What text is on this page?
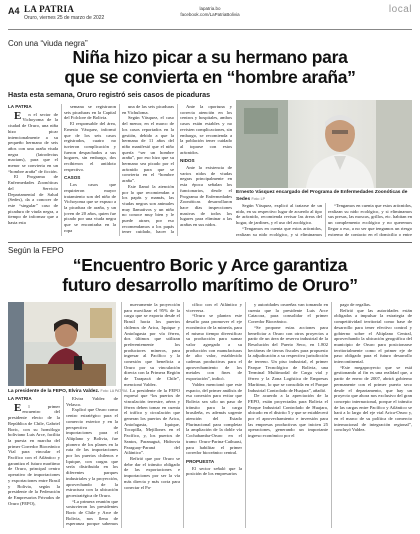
A4 LA PATRIA
Oruro, viernes 25 de marzo de 2022
lapatria.bo
facebook.com/LaPatriaBolivia	local
Con una “viuda negra”
Niña hizo picar a su hermano para
que se convierta en “hombre araña”
Hasta esta semana, Oruro registró seis casos de picaduras
LA PATRIA

En el sector de Vichoyoma de la ciudad de Oruro, una niña hizo picar intencionalmente a su pequeño hermano de seis años con una araña viuda negra (latrodectus mactans), para que el menor se convierta en un “hombre araña” de ficción.

El Programa de Enfermedades Zoonóticas del Servicio Departamental de Salud (Sedes), da a conocer de este “singular” caso de picadura de viuda negra, a tiempo de informar que a hasta esta

semana se registraron seis picaduras en la Capital del Folclore de Bolivia.

El responsable del área, Ernesto Vásquez, informó que de los seis casos registrados, cuatro no tuvieron complicación y fueron despachados a sus hogares, sin embargo, dos recibieron el antídoto respectivo.

CASOS

Los casos que requirieron mayor tratamiento son del niño de Vichoyoma que se expuso a la picadura de araña, y un joven de 20 años, quien fue picado por una viuda negra que se encontraba en la ropa

una de las seis picaduras en Vichuloma.

Según Vásquez, el caso del menor, en el marco de los casos reportados en la gestión, debido a que la hermana de 11 años del niño manifestó que el niño quería “ser un hombre araña”, por eso hizo que su hermano sea picado por el arácnido para que se convierta en el “hombre araña”.

Este llamó la atención por lo que recomiendan a los papás y mamás, las viudas negras son animales muy llamativos y un niño no conoce muy bien y le puede atraer, por eso recomendamos a los papás tener cuidado, hacer la

Ante la oportuna y correcta atención en los centros y hospitales, ambos casos están estables y no revisten complicaciones, sin embargo, se recomienda a la población tener cuidado al toparse con estos arácnidos.

NIDOS

Ante la existencia de varios nidos de viudas negras principalmente en esta época señalan los funcionarios, desde el Programa de Enfermedades Zoonóticas desarrollaron hace días inspecciones masivas de todos los lugares para eliminar a las arañas en sus nidos.

Ernesto Vásquez encargado del Programa de Enfermedades Zoonóticas de Sedes Foto: LP

Según Vásquez, explicó al tratarse de un nido, en su respectivo lugar de acuerdo al tipo de arácnido, recomienda revisar las áreas del hogar, de jardines, y el uso del zoológico.

“Tengamos en cuenta que estos arácnidos, realizan su nido ecológico, y si eliminamos

“Tengamos en cuenta que estos arácnidos, realizan su nido ecológico, y si eliminamos sus presas, las moscas, grillos, etc. habitan en un complemento ecológico y no queremos llegar a eso, a no ser que tengamos un riesgo extremo de contacto en el domicilio o entre

Según la FEPO
“Encuentro Boric y Arce garantiza
futuro desarrollo marítimo de Oruro”
La presidente de la FEPO, Elvira Valdez. Foto: LA PATRIA
LA PATRIA

El primer encuentro del presidente electo de la República de Chile, Gabriel Boric, con su homólogo boliviano Luis Arce, facilita la puesta en marcha del primer Corredor Bioceánico Vial para vincular el Pacífico con el Atlántico y garantiza el futuro marítimo de Oruro, principal centro operativo de importaciones y exportaciones entre Brasil y Bolivia, según la presidente de la Federación de Empresarios Privados de Oruro (FEPO),

Elvira Valdez de Velasco.

Explicó que Oruro como centro estratégico para el comercio exterior y en la perspectiva de importaciones para el Altiplano y Bolivia, fue pionero de los planes en la ruta de las importaciones por los puertos chilenos e Iquique, con cargas que sería distribuida en los diferentes parques industriales y la proyección, aprovechando de la estructura con la ubicación geoestratégica de Oruro.

“La primera reunión que sostuvieron los presidentes Boric de Chile y Arce de Bolivia, nos llena de esperanza porque sabemos

nuevamente la proyección para movilizar el 95% de la carga que se exporta desde el Brasil hacia los puertos chilenos de Arica, Iquique y Antofagasta por vía férrea, dos últimos que utilizan preferentemente los productores mineros, para ingresar al Pacífico y la conexión que beneficia a Oruro por su vinculación directa con la Primera Región de Tarapacá de Chile”, mencionó Valdez.

La presidente de la FEPO expresó que “los puertos de vinculación terrestre, aérea y férrea deben tomar en cuenta el tráfico y circulación que generan los puertos de Arica, Antofagasta, Iquique, Tocopilla, Mejillones en el Pacífico, y, los puertos de Santos, Paranaguá, Hidrovia Paraguay-Paraná del Atlántico”.

Refirió que por Oruro se debe dar el tránsito obligado de las exportaciones e importaciones por ser la vía más directa y más corta para conectar el Pa-

cífico con el Atlántico y viceversa.

“Oruro se plantea este desafío para promover el eje económico de la minería, para el mismo tiempo diversificar su producción para sumar valor agregado a su producción con manufacturas de alto valor, establecido cadenas productivas para el aprovechamiento de los metales con fines de exportación”, indicó.

Valdez mencionó que este espacio, del primer análisis de esa conexión para evitar que Bolivia sea sólo un paso de tránsito para la carga brasileña, es además urgente atención del Estado Plurinacional para completar la ampliación de la doble vía Cochabamba-Oruro en el tramo Oruro-Parina-Caihuasi, para habilitar el primer corredor bioceánico central.

PROPUESTA

El sector señaló que la posición de los empresarios

y autoridades orureñas van tomando en cuenta que la presidente Luis Arce Catacora, para consolidar el primer Corredor Bioceánico.

“Se propone estas acciones para beneficiar a Oruro con otros proyectos a partir de un área de reserva industrial de la Resolución del Puerto Seco, en 1.802 hectáreas de tierras fiscales para propuesto la adjudicación a su respectiva jurisdicción de terreno. Un piso industrial, el primer Parque Tecnológico de Bolivia, una Terminal Multimodal de Carga vial y férreo y la Zona Logística de Empresas Marítimo, lo que se consolida en el Parque Industrial Controlado de Huajara”, añadió.

De acuerdo a la apreciación de la FEPO, están proyectadas para Bolivia el Parque Industrial Controlado de Huajara, ubicado en el distrito 5 y que se establecerá por el aprovechamiento e inversión para las empresas productivas que inicien 25 operaciones, generando un importante ingreso económico por el

pago de regalías.

Refirió que las autoridades están obligadas a impulsar la estrategia de competitividad territorial como base de desarrollo para tener efectivo control y gobierno sobre el Altiplano Central, aprovechando la ubicación geográfica del municipio de Oruro para posicionarse territorialmente como el primer eje de paso obligado para el futuro desarrollo intercontinental.

“Este megaproyecto que se está gestionando al fin es una realidad que, a partir de enero de 2007, abrirá gobierno permanente con el primer puerto seco desde el departamento, que hay un proyecto que ahora nos exclusivo del gran concepto internacional, porque el tránsito de las cargas entre Pacífico y Atlántico se hará a lo largo del eje vial Arica-Oruro y, en el marco de su política de comercio internacional de integración regional”, concluyó Valdez.
